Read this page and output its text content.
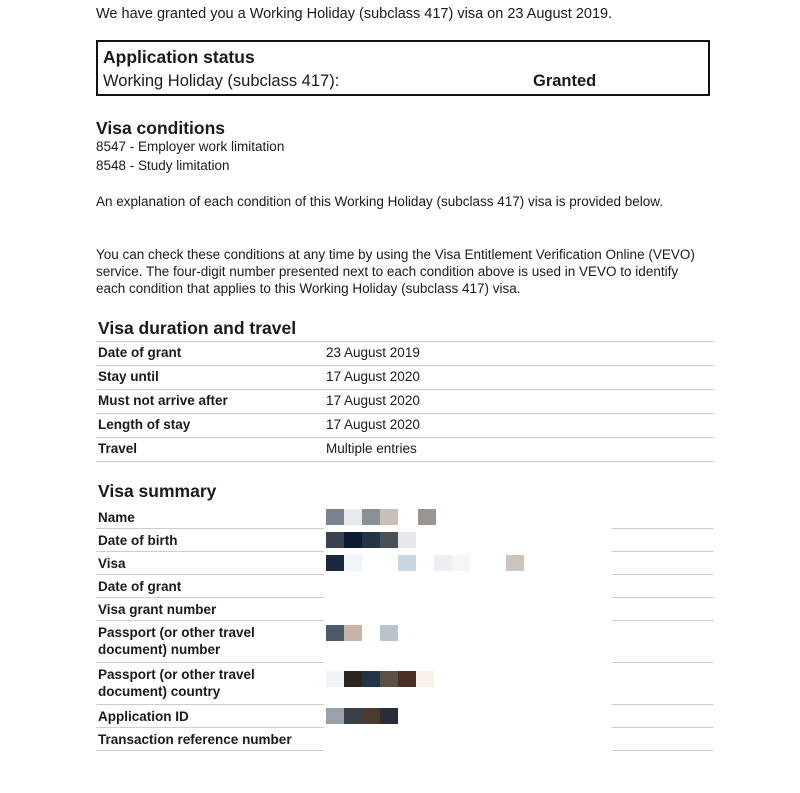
We have granted you a Working Holiday (subclass 417) visa on 23 August 2019.
Application status
Working Holiday (subclass 417):	Granted
Visa conditions
8547 - Employer work limitation
8548 - Study limitation
An explanation of each condition of this Working Holiday (subclass 417) visa is provided below.
You can check these conditions at any time by using the Visa Entitlement Verification Online (VEVO) service. The four-digit number presented next to each condition above is used in VEVO to identify each condition that applies to this Working Holiday (subclass 417) visa.
Visa duration and travel
Date of grant	23 August 2019
Stay until	17 August 2020
Must not arrive after	17 August 2020
Length of stay	17 August 2020
Travel	Multiple entries
Visa summary
Name
Date of birth
Visa
Date of grant
Visa grant number
Passport (or other travel document) number
Passport (or other travel document) country
Application ID
Transaction reference number
